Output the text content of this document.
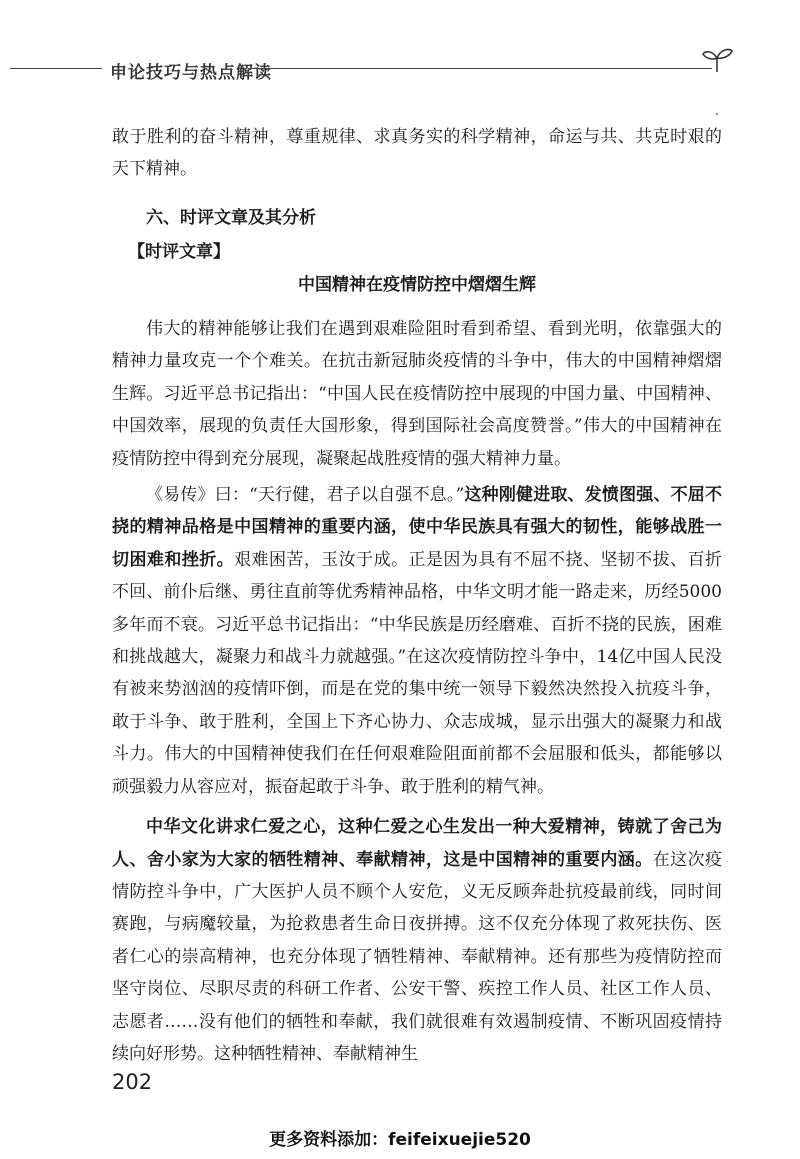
申论技巧与热点解读

敢于胜利的奋斗精神，尊重规律、求真务实的科学精神，命运与共、共克时艰的天下精神。

六、时评文章及其分析
【时评文章】
中国精神在疫情防控中熠熠生辉

伟大的精神能够让我们在遇到艰难险阻时看到希望、看到光明，依靠强大的精神力量攻克一个个难关。在抗击新冠肺炎疫情的斗争中，伟大的中国精神熠熠生辉。习近平总书记指出：“中国人民在疫情防控中展现的中国力量、中国精神、中国效率，展现的负责任大国形象，得到国际社会高度赞誉。”伟大的中国精神在疫情防控中得到充分展现，凝聚起战胜疫情的强大精神力量。

《易传》曰：“天行健，君子以自强不息。”这种刚健进取、发愤图强、不屈不挠的精神品格是中国精神的重要内涵，使中华民族具有强大的韧性，能够战胜一切困难和挫折。艰难困苦，玉汝于成。正是因为具有不屈不挠、坚韧不拔、百折不回、前仆后继、勇往直前等优秀精神品格，中华文明才能一路走来，历经5000多年而不衰。习近平总书记指出：“中华民族是历经磨难、百折不挠的民族，困难和挑战越大，凝聚力和战斗力就越强。”在这次疫情防控斗争中，14亿中国人民没有被来势汹汹的疫情吓倒，而是在党的集中统一领导下毅然决然投入抗疫斗争，敢于斗争、敢于胜利，全国上下齐心协力、众志成城，显示出强大的凝聚力和战斗力。伟大的中国精神使我们在任何艰难险阻面前都不会屈服和低头，都能够以顽强毅力从容应对，振奋起敢于斗争、敢于胜利的精气神。

中华文化讲求仁爱之心，这种仁爱之心生发出一种大爱精神，铸就了舍己为人、舍小家为大家的牺牲精神、奉献精神，这是中国精神的重要内涵。在这次疫情防控斗争中，广大医护人员不顾个人安危，义无反顾奔赴抗疫最前线，同时间赛跑，与病魔较量，为抢救患者生命日夜拼搏。这不仅充分体现了救死扶伤、医者仁心的崇高精神，也充分体现了牺牲精神、奉献精神。还有那些为疫情防控而坚守岗位、尽职尽责的科研工作者、公安干警、疾控工作人员、社区工作人员、志愿者……没有他们的牺牲和奉献，我们就很难有效遏制疫情、不断巩固疫情持续向好形势。这种牺牲精神、奉献精神生

202
更多资料添加：feifeixuejie520
